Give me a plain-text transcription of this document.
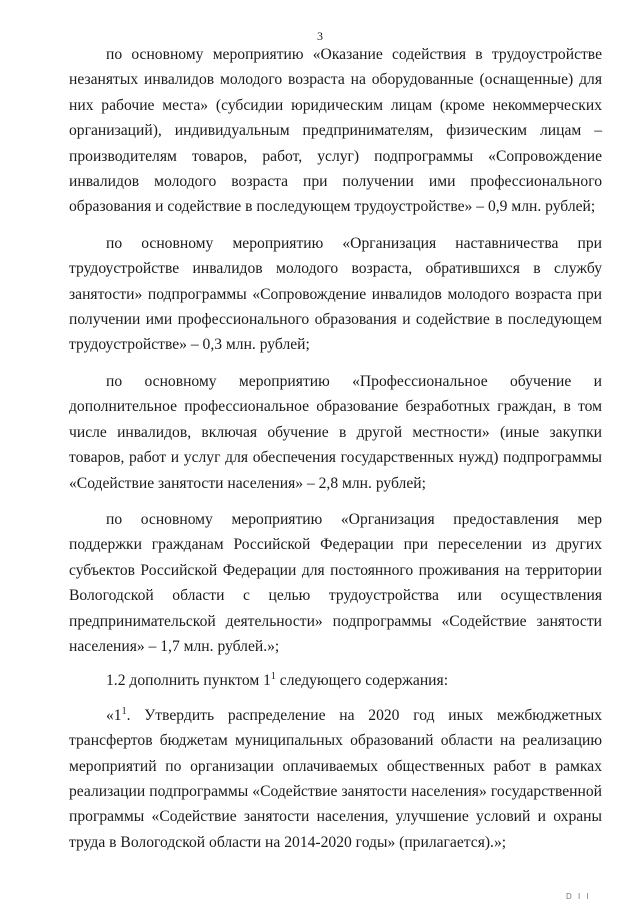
3

по основному мероприятию «Оказание содействия в трудоустройстве незанятых инвалидов молодого возраста на оборудованные (оснащенные) для них рабочие места» (субсидии юридическим лицам (кроме некоммерческих организаций), индивидуальным предпринимателям, физическим лицам – производителям товаров, работ, услуг) подпрограммы «Сопровождение инвалидов молодого возраста при получении ими профессионального образования и содействие в последующем трудоустройстве» – 0,9 млн. рублей;

по основному мероприятию «Организация наставничества при трудоустройстве инвалидов молодого возраста, обратившихся в службу занятости» подпрограммы «Сопровождение инвалидов молодого возраста при получении ими профессионального образования и содействие в последующем трудоустройстве» – 0,3 млн. рублей;

по основному мероприятию «Профессиональное обучение и дополнительное профессиональное образование безработных граждан, в том числе инвалидов, включая обучение в другой местности» (иные закупки товаров, работ и услуг для обеспечения государственных нужд) подпрограммы «Содействие занятости населения» – 2,8 млн. рублей;

по основному мероприятию «Организация предоставления мер поддержки гражданам Российской Федерации при переселении из других субъектов Российской Федерации для постоянного проживания на территории Вологодской области с целью трудоустройства или осуществления предпринимательской деятельности» подпрограммы «Содействие занятости населения» – 1,7 млн. рублей.»;

1.2 дополнить пунктом $1^1$ следующего содержания:

«$1^1$. Утвердить распределение на 2020 год иных межбюджетных трансфертов бюджетам муниципальных образований области на реализацию мероприятий по организации оплачиваемых общественных работ в рамках реализации подпрограммы «Содействие занятости населения» государственной программы «Содействие занятости населения, улучшение условий и охраны труда в Вологодской области на 2014-2020 годы» (прилагается).»;

D I I
